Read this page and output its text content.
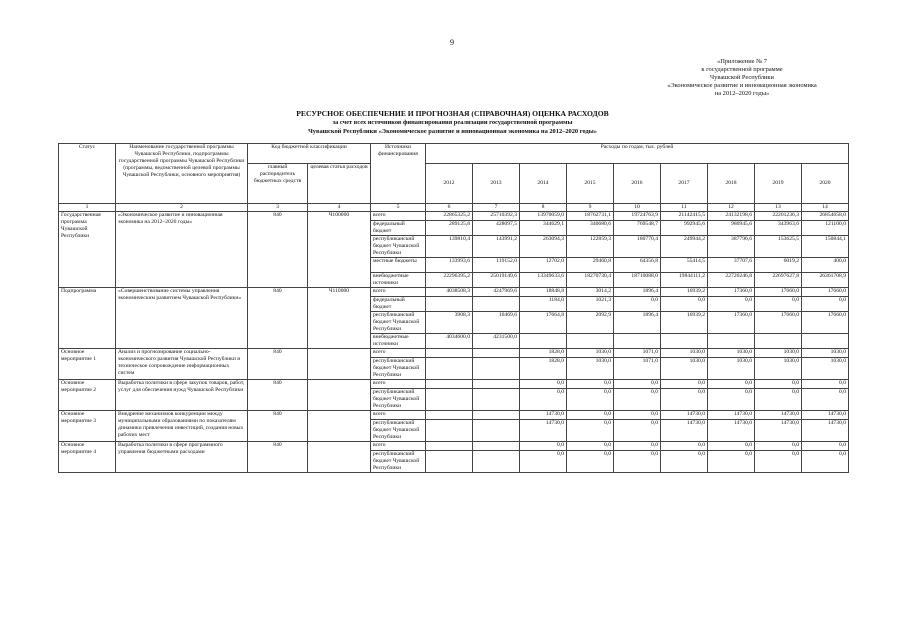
9
«Приложение № 7
к государственной программе
Чувашской Республики
«Экономическое развитие и инновационная экономика
на 2012–2020 годы»
РЕСУРСНОЕ ОБЕСПЕЧЕНИЕ И ПРОГНОЗНАЯ (СПРАВОЧНАЯ) ОЦЕНКА РАСХОДОВ
за счет всех источников финансирования реализации государственной программы
Чувашской Республики «Экономическое развитие и инновационная экономика на 2012–2020 годы»
Статус	Наименование государственной программы Чувашской Республики, подпрограммы государственной программы Чувашской Республики (программы, ведомственной целевой программы Чувашской Республики, основного мероприятия)	Код бюджетной классификации		Источники финансирования	Расходы по годам, тыс. рублей								
		главный распорядитель бюджетных средств	целевая статья расходов		2012	2013	2014	2015	2016	2017	2018	2019	2020
1	2	3	4	5	6	7	8	9	10	11	12	13	14
Государственная программа Чувашской Республики	«Экономическое развитие и инновационная экономика на 2012–2020 годы»	840	Ч100000	всего	22865325,2	25710392,3	13970059,0	18762731,1	19724763,9	21142415,5	24132198,6	22201236,3	26854658,0
				федеральный бюджет	289125,8	428097,5	344629,1	340680,6	769548,7	992945,6	980945,6	343963,6	121100,0
				республиканский бюджет Чувашской Республики	139810,4	143991,2	263094,3	122859,3	180770,4	249944,2	387796,6	153625,5	150844,1
				местные бюджеты	133993,6	119152,0	12702,0	29460,8	64356,8	55414,5	37707,6	6019,2	400,0
				внебюджетные источники	22296395,2	25019149,6	13349633,6	18270730,4	18710088,0	19844111,2	22726246,8	22697627,8	26361708,9
Подпрограмма	«Совершенствование системы управления экономическим развитием Чувашской Республики»	840	Ч110000	всего	4038508,3	4247969,6	18848,8	3014,2	1896,4	16939,2	17360,0	17660,0	17660,0
				федеральный бюджет			1184,0	1021,3	0,0	0,0	0,0	0,0	0,0
				республиканский бюджет Чувашской Республики	3908,3	16469,6	17664,8	2092,9	1896,4	16939,2	17360,0	17660,0	17660,0
				внебюджетные источники	4034600,0	4231500,0							
Основное мероприятие 1	Анализ и прогнозирование социально-экономического развития Чувашской Республики и техническое сопровождение информационных систем	840		всего			1828,0	1030,0	1071,0	1030,0	1030,0	1030,0	1030,0
				республиканский бюджет Чувашской Республики			1828,0	1030,0	1071,0	1030,0	1030,0	1030,0	1030,0
Основное мероприятие 2	Выработка политики в сфере закупок товаров, работ, услуг для обеспечения нужд Чувашской Республики	840		всего			0,0	0,0	0,0	0,0	0,0	0,0	0,0
				республиканский бюджет Чувашской Республики			0,0	0,0	0,0	0,0	0,0	0,0	0,0
Основное мероприятие 3	Внедрение механизмов конкуренции между муниципальными образованиями по показателям динамики привлечения инвестиций, создания новых рабочих мест	840		всего			14730,0	0,0	0,0	14730,0	14730,0	14730,0	14730,0
				республиканский бюджет Чувашской Республики			14730,0	0,0	0,0	14730,0	14730,0	14730,0	14730,0
Основное мероприятие 4	Выработка политики в сфере программного управления бюджетными расходами	840		всего			0,0	0,0	0,0	0,0	0,0	0,0	0,0
				республиканский бюджет Чувашской Республики			0,0	0,0	0,0	0,0	0,0	0,0	0,0
